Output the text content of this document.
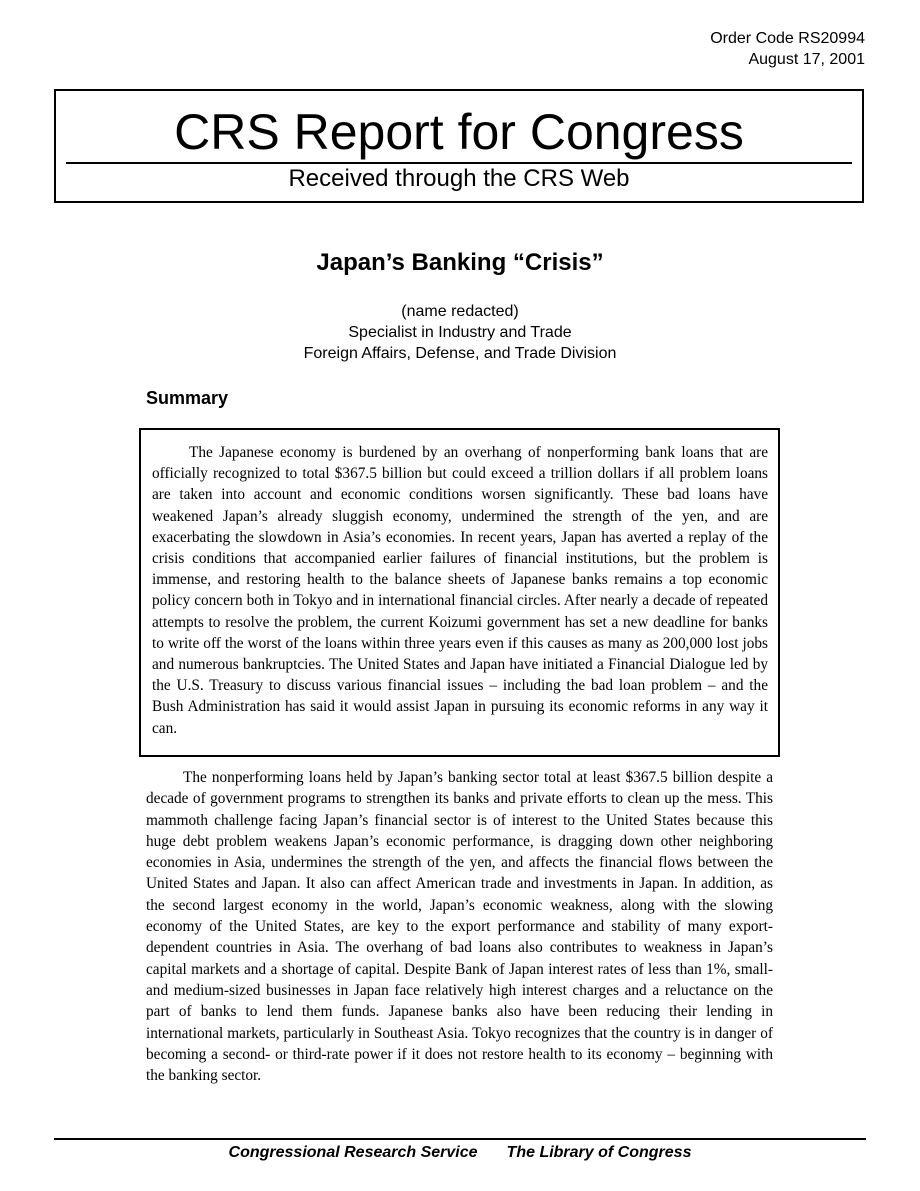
Order Code RS20994
August 17, 2001
CRS Report for Congress
Received through the CRS Web
Japan’s Banking “Crisis”
(name redacted)
Specialist in Industry and Trade
Foreign Affairs, Defense, and Trade Division
Summary

The Japanese economy is burdened by an overhang of nonperforming bank loans that are officially recognized to total $367.5 billion but could exceed a trillion dollars if all problem loans are taken into account and economic conditions worsen significantly. These bad loans have weakened Japan’s already sluggish economy, undermined the strength of the yen, and are exacerbating the slowdown in Asia’s economies. In recent years, Japan has averted a replay of the crisis conditions that accompanied earlier failures of financial institutions, but the problem is immense, and restoring health to the balance sheets of Japanese banks remains a top economic policy concern both in Tokyo and in international financial circles. After nearly a decade of repeated attempts to resolve the problem, the current Koizumi government has set a new deadline for banks to write off the worst of the loans within three years even if this causes as many as 200,000 lost jobs and numerous bankruptcies. The United States and Japan have initiated a Financial Dialogue led by the U.S. Treasury to discuss various financial issues – including the bad loan problem – and the Bush Administration has said it would assist Japan in pursuing its economic reforms in any way it can.

The nonperforming loans held by Japan’s banking sector total at least $367.5 billion despite a decade of government programs to strengthen its banks and private efforts to clean up the mess. This mammoth challenge facing Japan’s financial sector is of interest to the United States because this huge debt problem weakens Japan’s economic performance, is dragging down other neighboring economies in Asia, undermines the strength of the yen, and affects the financial flows between the United States and Japan. It also can affect American trade and investments in Japan. In addition, as the second largest economy in the world, Japan’s economic weakness, along with the slowing economy of the United States, are key to the export performance and stability of many export-dependent countries in Asia. The overhang of bad loans also contributes to weakness in Japan’s capital markets and a shortage of capital. Despite Bank of Japan interest rates of less than 1%, small- and medium-sized businesses in Japan face relatively high interest charges and a reluctance on the part of banks to lend them funds. Japanese banks also have been reducing their lending in international markets, particularly in Southeast Asia. Tokyo recognizes that the country is in danger of becoming a second- or third-rate power if it does not restore health to its economy – beginning with the banking sector.

Congressional Research Service The Library of Congress
